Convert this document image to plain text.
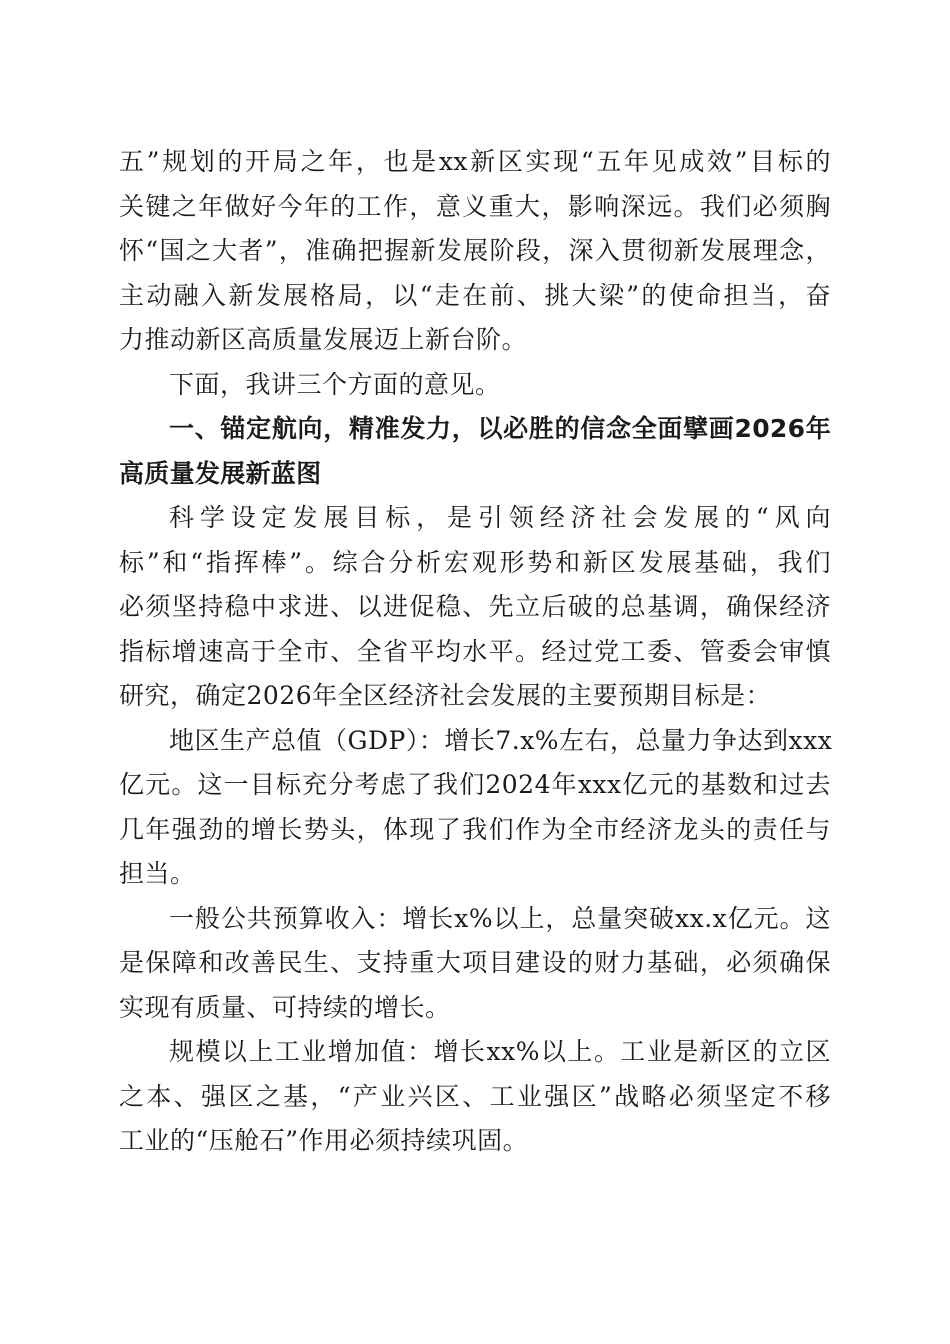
五”规划的开局之年，也是xx新区实现“五年见成效”目标的
关键之年做好今年的工作，意义重大，影响深远。我们必须胸
怀“国之大者”，准确把握新发展阶段，深入贯彻新发展理念，
主动融入新发展格局，以“走在前、挑大梁”的使命担当，奋
力推动新区高质量发展迈上新台阶。
下面，我讲三个方面的意见。
一、锚定航向，精准发力，以必胜的信念全面擘画2026年
高质量发展新蓝图
科学设定发展目标，是引领经济社会发展的“风向
标”和“指挥棒”。综合分析宏观形势和新区发展基础，我们
必须坚持稳中求进、以进促稳、先立后破的总基调，确保经济
指标增速高于全市、全省平均水平。经过党工委、管委会审慎
研究，确定2026年全区经济社会发展的主要预期目标是：
地区生产总值（GDP）：增长7.x%左右，总量力争达到xxx
亿元。这一目标充分考虑了我们2024年xxx亿元的基数和过去
几年强劲的增长势头，体现了我们作为全市经济龙头的责任与
担当。
一般公共预算收入：增长x%以上，总量突破xx.x亿元。这
是保障和改善民生、支持重大项目建设的财力基础，必须确保
实现有质量、可持续的增长。
规模以上工业增加值：增长xx%以上。工业是新区的立区
之本、强区之基，“产业兴区、工业强区”战略必须坚定不移
工业的“压舱石”作用必须持续巩固。
